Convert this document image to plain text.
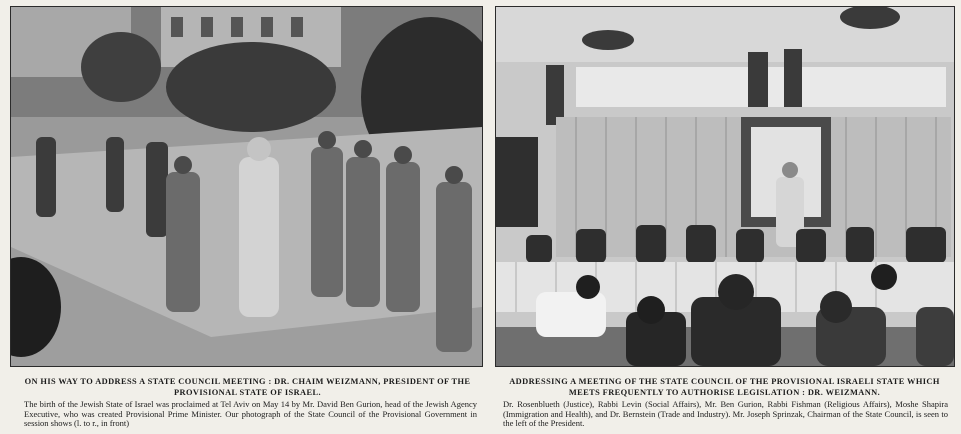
ON HIS WAY TO ADDRESS A STATE COUNCIL MEETING : DR. CHAIM WEIZMANN, PRESIDENT OF THE PROVISIONAL STATE OF ISRAEL.
The birth of the Jewish State of Israel was proclaimed at Tel Aviv on May 14 by Mr. David Ben Gurion, head of the Jewish Agency Executive, who was created Provisional Prime Minister. Our photograph of the State Council of the Provisional Government in session shows (l. to r., in front)
ADDRESSING A MEETING OF THE STATE COUNCIL OF THE PROVISIONAL ISRAELI STATE WHICH MEETS FREQUENTLY TO AUTHORISE LEGISLATION : DR. WEIZMANN.
Dr. Rosenblueth (Justice), Rabbi Levin (Social Affairs), Mr. Ben Gurion, Rabbi Fishman (Religious Affairs), Moshe Shapira (Immigration and Health), and Dr. Bernstein (Trade and Industry). Mr. Joseph Sprinzak, Chairman of the State Council, is seen to the left of the President.
